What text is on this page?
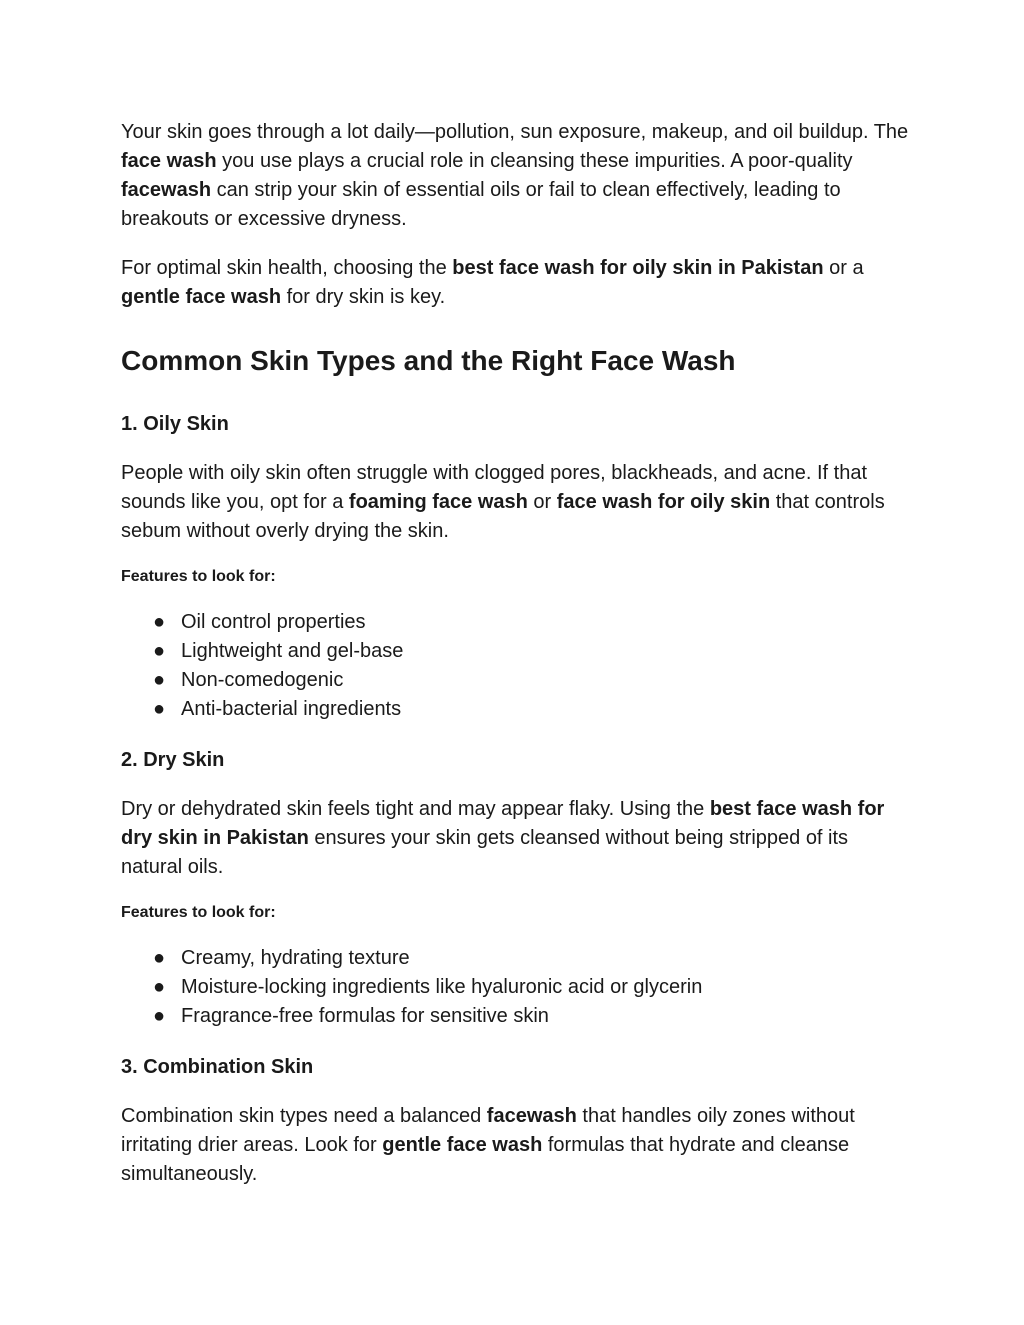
Your skin goes through a lot daily—pollution, sun exposure, makeup, and oil buildup. The face wash you use plays a crucial role in cleansing these impurities. A poor-quality facewash can strip your skin of essential oils or fail to clean effectively, leading to breakouts or excessive dryness.

For optimal skin health, choosing the best face wash for oily skin in Pakistan or a gentle face wash for dry skin is key.

Common Skin Types and the Right Face Wash
1. Oily Skin

People with oily skin often struggle with clogged pores, blackheads, and acne. If that sounds like you, opt for a foaming face wash or face wash for oily skin that controls sebum without overly drying the skin.

Features to look for:
● Oil control properties
● Lightweight and gel-base
● Non-comedogenic
● Anti-bacterial ingredients
2. Dry Skin

Dry or dehydrated skin feels tight and may appear flaky. Using the best face wash for dry skin in Pakistan ensures your skin gets cleansed without being stripped of its natural oils.

Features to look for:
● Creamy, hydrating texture
● Moisture-locking ingredients like hyaluronic acid or glycerin
● Fragrance-free formulas for sensitive skin
3. Combination Skin

Combination skin types need a balanced facewash that handles oily zones without irritating drier areas. Look for gentle face wash formulas that hydrate and cleanse simultaneously.
